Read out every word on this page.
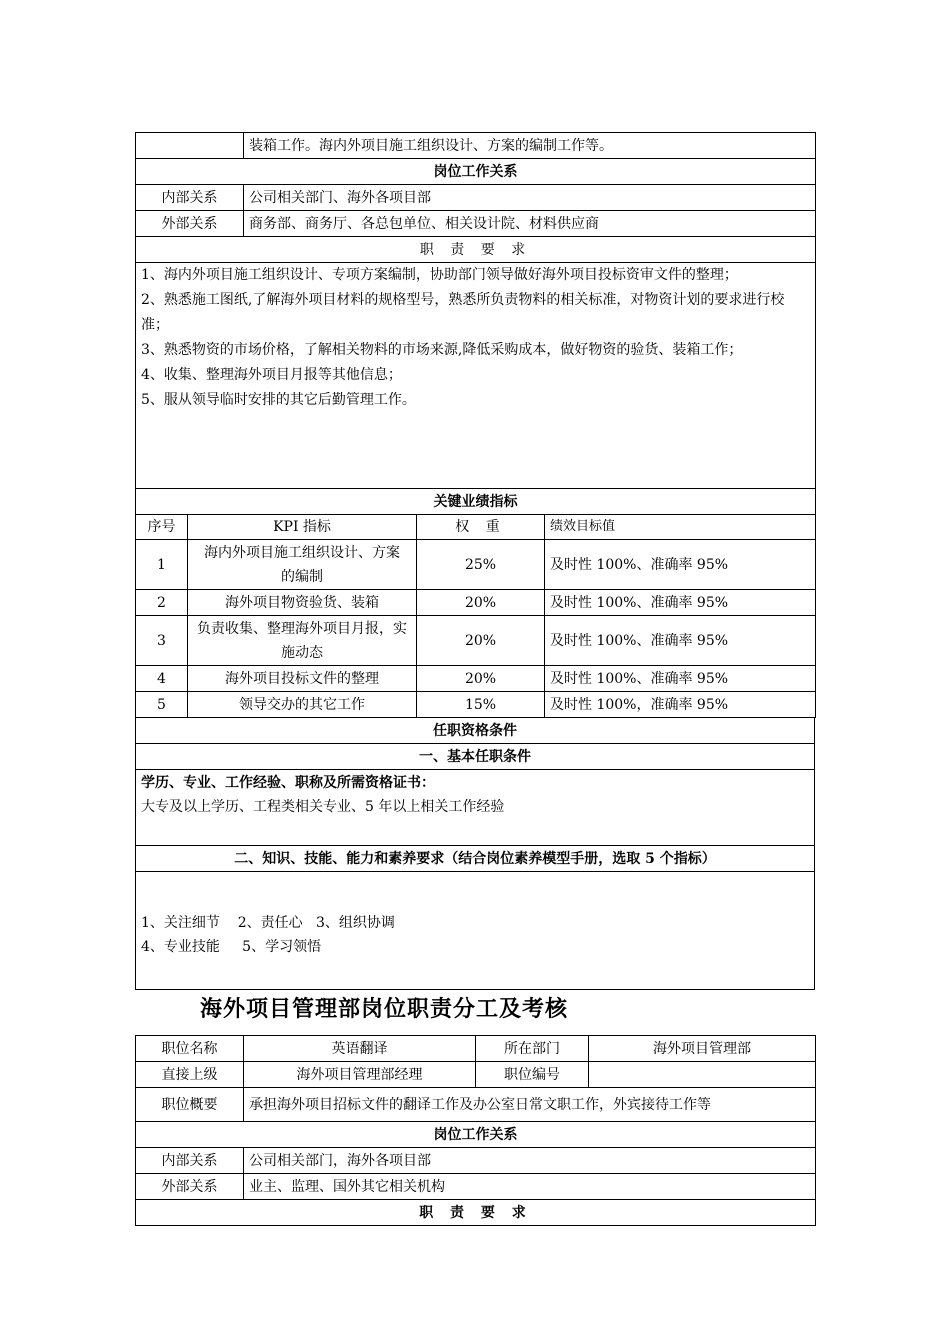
	装箱工作。海内外项目施工组织设计、方案的编制工作等。
岗位工作关系	
内部关系	公司相关部门、海外各项目部
外部关系	商务部、商务厅、各总包单位、相关设计院、材料供应商
职 责 要 求	

1、海内外项目施工组织设计、专项方案编制，协助部门领导做好海外项目投标资审文件的整理；

2、熟悉施工图纸,了解海外项目材料的规格型号，熟悉所负责物料的相关标准，对物资计划的要求进行校准；

3、熟悉物资的市场价格，了解相关物料的市场来源,降低采购成本，做好物资的验货、装箱工作；

4、收集、整理海外项目月报等其他信息；

5、服从领导临时安排的其它后勤管理工作。	

关键业绩指标			
序号	KPI 指标	权 重	绩效目标值
1	海内外项目施工组织设计、方案的编制	25%	及时性 100%、准确率 95%
2	海外项目物资验货、装箱	20%	及时性 100%、准确率 95%
3	负责收集、整理海外项目月报，实施动态	20%	及时性 100%、准确率 95%
4	海外项目投标文件的整理	20%	及时性 100%、准确率 95%
5	领导交办的其它工作	15%	及时性 100%，准确率 95%
任职资格条件
一、基本任职条件

学历、专业、工作经验、职称及所需资格证书：
大专及以上学历、工程类相关专业、5 年以上相关工作经验

二、知识、技能、能力和素养要求（结合岗位素养模型手册，选取 5 个指标）

1、关注细节    2、责任心   3、组织协调
4、专业技能     5、学习领悟
海外项目管理部岗位职责分工及考核
职位名称	英语翻译	所在部门	海外项目管理部
直接上级	海外项目管理部经理	职位编号	
职位概要	承担海外项目招标文件的翻译工作及办公室日常文职工作，外宾接待工作等		
岗位工作关系			
内部关系	公司相关部门，海外各项目部		
外部关系	业主、监理、国外其它相关机构		
职 责 要 求			
